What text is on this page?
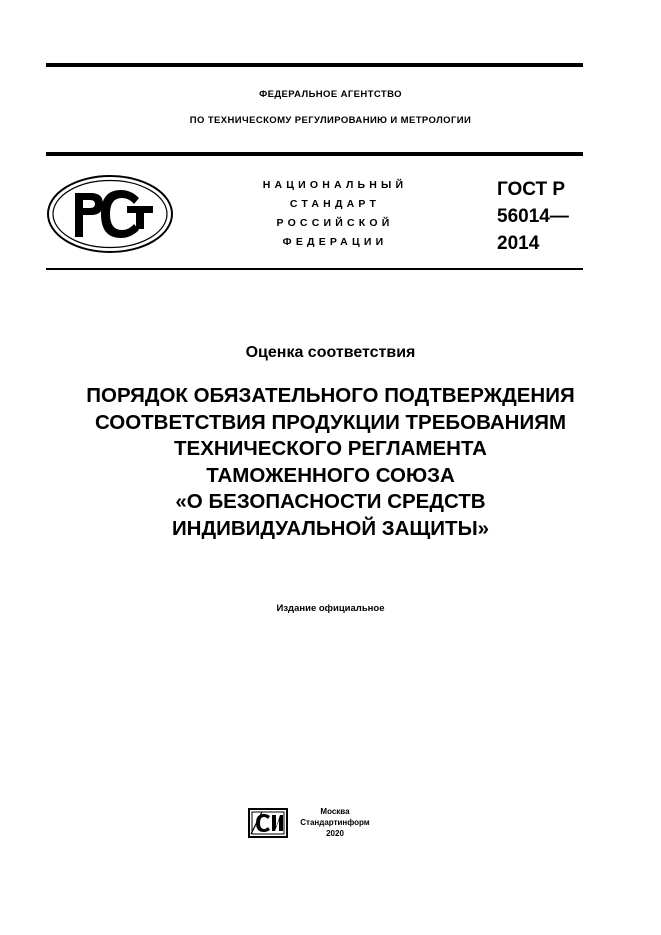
ФЕДЕРАЛЬНОЕ АГЕНТСТВО
ПО ТЕХНИЧЕСКОМУ РЕГУЛИРОВАНИЮ И МЕТРОЛОГИИ
НАЦИОНАЛЬНЫЙ
СТАНДАРТ
РОССИЙСКОЙ
ФЕДЕРАЦИИ
ГОСТ Р
56014—
2014
Оценка соответствия
ПОРЯДОК ОБЯЗАТЕЛЬНОГО ПОДТВЕРЖДЕНИЯ
СООТВЕТСТВИЯ ПРОДУКЦИИ ТРЕБОВАНИЯМ
ТЕХНИЧЕСКОГО РЕГЛАМЕНТА
ТАМОЖЕННОГО СОЮЗА
«О БЕЗОПАСНОСТИ СРЕДСТВ
ИНДИВИДУАЛЬНОЙ ЗАЩИТЫ»
Издание официальное
Москва
Стандартинформ
2020
